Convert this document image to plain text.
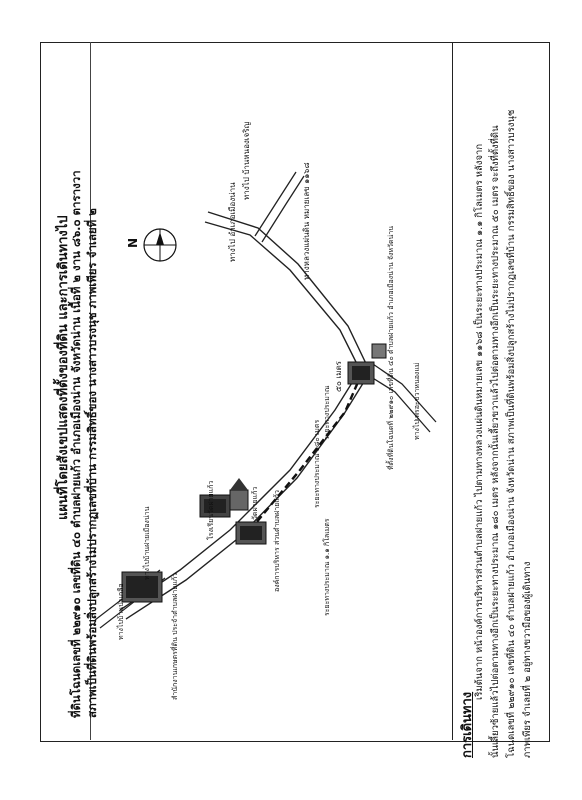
แผนที่โดยสังเขปแสดงที่ตั้งของที่ดิน และการเดินทางไป
ที่ดินโฉนดเลขที่ ๒๒๙๑๐ เลขที่ดิน ๔๐ ตำบลฝายแก้ว อำเภอเมืองน่าน จังหวัดน่าน เนื้อที่ ๒ งาน ๘๖.๐ ตารางวา สภาพเป็นที่ดินพร้อมสิ่งปลูกสร้างไม่ปรากฏเลขที่บ้าน กรรมสิทธิ์ของ นางสาวบรงนุช ภาพเพียร จำเลยที่ ๒
ทางไป บ้านหนองเจริญ
ทางไป อำเภอเมืองน่าน	ทางหลวงแผ่นดิน หมายเลข ๑๑๖๘
ระยะทางประมาณ
๕๐ เมตร
ระยะทางประมาณ ๑๘๐ เมตร
ระยะทางประมาณ ๑.๑ กิโลเมตร
ที่ตั้งที่ดินโฉนดที่ ๒๒๙๑๐ เลขที่ดิน ๔๐ ตำบลฝายแก้ว อำเภอเมืองน่าน จังหวัดน่าน	ทางไปเพรอะขวาหนองแม่
โรงเรียนวัดฝายแก้ว
ทางไปบ้านฝายเมืองน่าน
วัดฝายแก้ว องค์การบริหาร ส่วนตำบลฝายแก้ว
สำนักงานเกษตรที่ดิน ประจำตำบลฝายแก้ว
ทางไปบ้านป่าเกลือ
การเดินทาง
เริ่มต้นจาก หน้าองค์การบริหารส่วนตำบลฝายแก้ว ไปตามทางหลวงแผ่นดินหมายเลข ๑๑๖๘ เป็นระยะทางประมาณ ๑.๑ กิโลเมตร หลังจาก นั้นเลี้ยวซ้ายแล้วไปต่อตามทางอีกเป็นระยะทางประมาณ ๑๘๐ เมตร หลังจากนั้นเลี้ยวขวาแล้วไปต่อตามทางอีกเป็นระยะทางประมาณ ๕๐ เมตร จะถึงที่ตั้งที่ดิน โฉนดเลขที่ ๒๒๙๑๐ เลขที่ดิน ๔๐ ตำบลฝายแก้ว อำเภอเมืองน่าน จังหวัดน่าน สภาพเป็นที่ดินพร้อมสิ่งปลูกสร้างไม่ปรากฏเลขที่บ้าน กรรมสิทธิ์ของ นางสาวบรงนุช ภาพเพียร จำเลยที่ ๒ อยู่ทางขวามือของผู้เดินทาง
N
